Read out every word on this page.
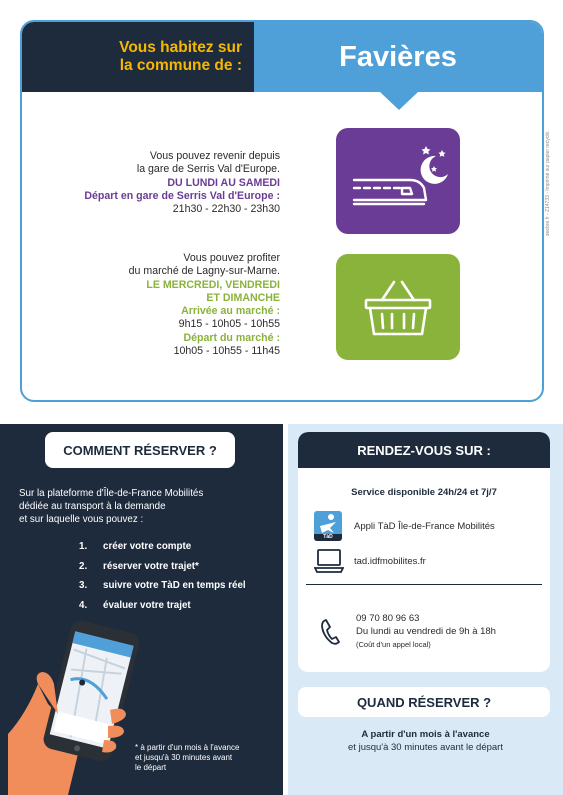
Vous habitez sur
la commune de :	Favières
Vous pouvez revenir depuis
la gare de Serris Val d'Europe.
DU LUNDI AU SAMEDI
Départ en gare de Serris Val d'Europe :
21h30 - 22h30 - 23h30
Vous pouvez profiter
du marché de Lagny-sur-Marne.
LE MERCREDI, VENDREDI
ET DIMANCHE
Arrivée au marché :
9h15 - 10h05 - 10h55
Départ du marché :
10h05 - 10h55 - 11h45
zeebre.fr - 214733 - Imprimé sur papier recyclé.
COMMENT RÉSERVER ?
Sur la plateforme d'Île-de-France Mobilités
dédiée au transport à la demande
et sur laquelle vous pouvez :
1.	créer votre compte
2.	réserver votre trajet*
3.	suivre votre TàD en temps réel
4.	évaluer votre trajet
* à partir d'un mois à l'avance
et jusqu'à 30 minutes avant
le départ
RENDEZ-VOUS SUR :
Service disponible 24h/24 et 7j/7
TàD
Appli TàD Île-de-France Mobilités
tad.idfmobilites.fr
09 70 80 96 63
Du lundi au vendredi de 9h à 18h
(Coût d'un appel local)
QUAND RÉSERVER ?
A partir d'un mois à l'avance
et jusqu'à 30 minutes avant le départ
